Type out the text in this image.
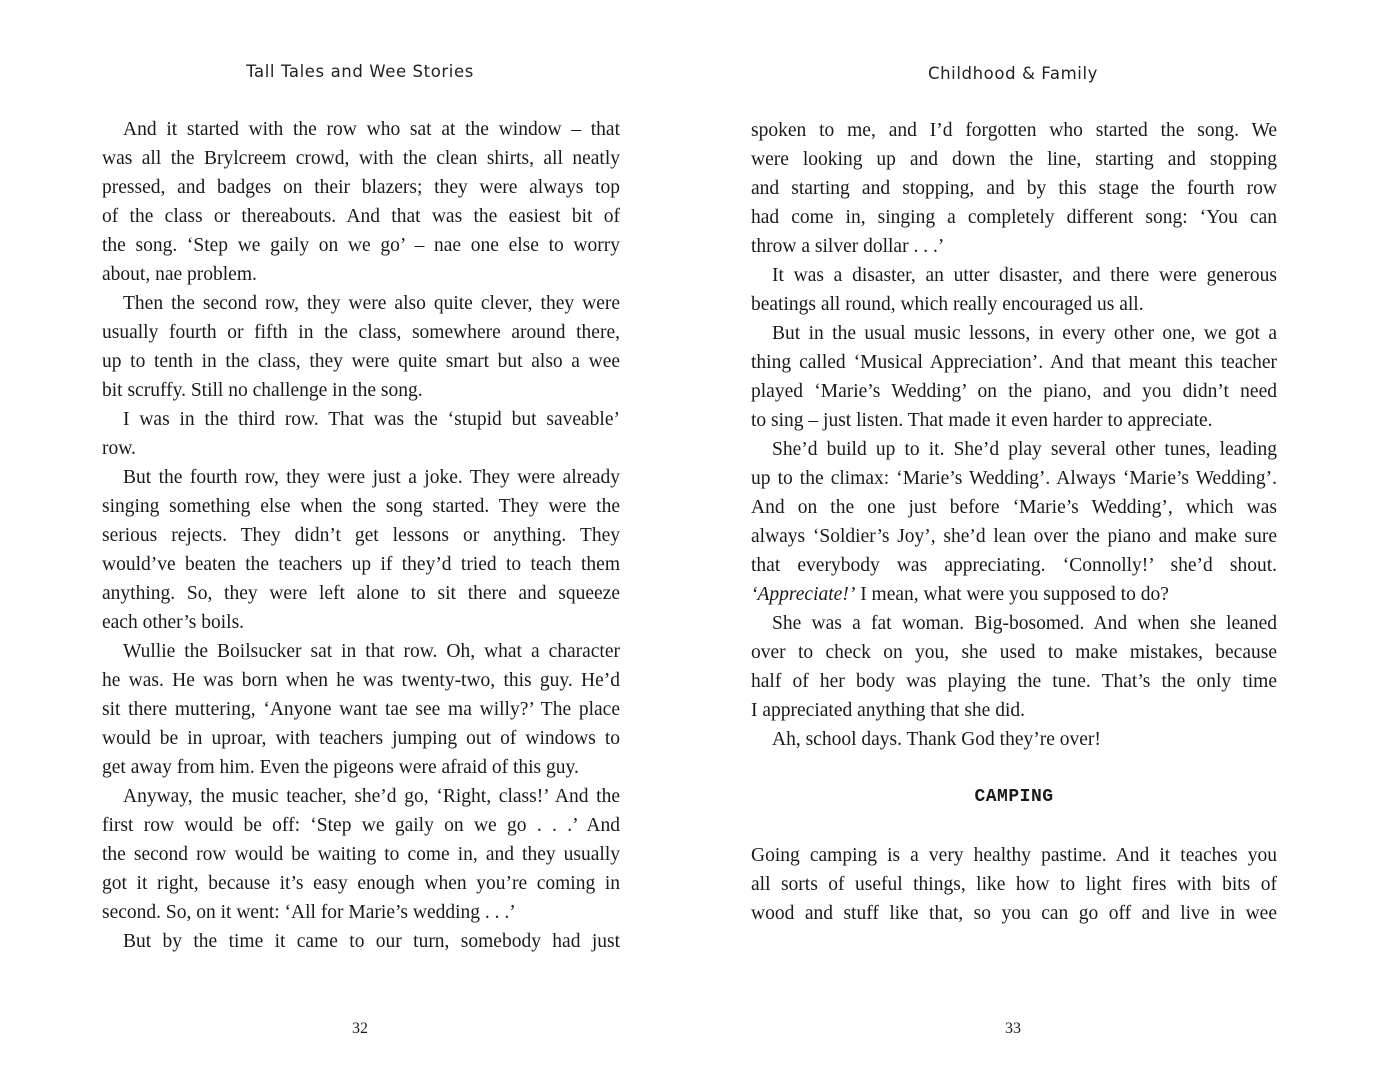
Tall Tales and Wee Stories
And it started with the row who sat at the window – that
was all the Brylcreem crowd, with the clean shirts, all neatly
pressed, and badges on their blazers; they were always top
of the class or thereabouts. And that was the easiest bit of
the song. ‘Step we gaily on we go’ – nae one else to worry
about, nae problem.
Then the second row, they were also quite clever, they were
usually fourth or fifth in the class, somewhere around there,
up to tenth in the class, they were quite smart but also a wee
bit scruffy. Still no challenge in the song.
I was in the third row. That was the ‘stupid but saveable’
row.
But the fourth row, they were just a joke. They were already
singing something else when the song started. They were the
serious rejects. They didn’t get lessons or anything. They
would’ve beaten the teachers up if they’d tried to teach them
anything. So, they were left alone to sit there and squeeze
each other’s boils.
Wullie the Boilsucker sat in that row. Oh, what a character
he was. He was born when he was twenty-two, this guy. He’d
sit there muttering, ‘Anyone want tae see ma willy?’ The place
would be in uproar, with teachers jumping out of windows to
get away from him. Even the pigeons were afraid of this guy.
Anyway, the music teacher, she’d go, ‘Right, class!’ And the
first row would be off: ‘Step we gaily on we go . . .’ And
the second row would be waiting to come in, and they usually
got it right, because it’s easy enough when you’re coming in
second. So, on it went: ‘All for Marie’s wedding . . .’
But by the time it came to our turn, somebody had just
32
Childhood & Family
spoken to me, and I’d forgotten who started the song. We
were looking up and down the line, starting and stopping
and starting and stopping, and by this stage the fourth row
had come in, singing a completely different song: ‘You can
throw a silver dollar . . .’
It was a disaster, an utter disaster, and there were generous
beatings all round, which really encouraged us all.
But in the usual music lessons, in every other one, we got a
thing called ‘Musical Appreciation’. And that meant this teacher
played ‘Marie’s Wedding’ on the piano, and you didn’t need
to sing – just listen. That made it even harder to appreciate.
She’d build up to it. She’d play several other tunes, leading
up to the climax: ‘Marie’s Wedding’. Always ‘Marie’s Wedding’.
And on the one just before ‘Marie’s Wedding’, which was
always ‘Soldier’s Joy’, she’d lean over the piano and make sure
that everybody was appreciating. ‘Connolly!’ she’d shout.
‘Appreciate!’ I mean, what were you supposed to do?
She was a fat woman. Big-bosomed. And when she leaned
over to check on you, she used to make mistakes, because
half of her body was playing the tune. That’s the only time
I appreciated anything that she did.
Ah, school days. Thank God they’re over!
CAMPING
Going camping is a very healthy pastime. And it teaches you
all sorts of useful things, like how to light fires with bits of
wood and stuff like that, so you can go off and live in wee
33
